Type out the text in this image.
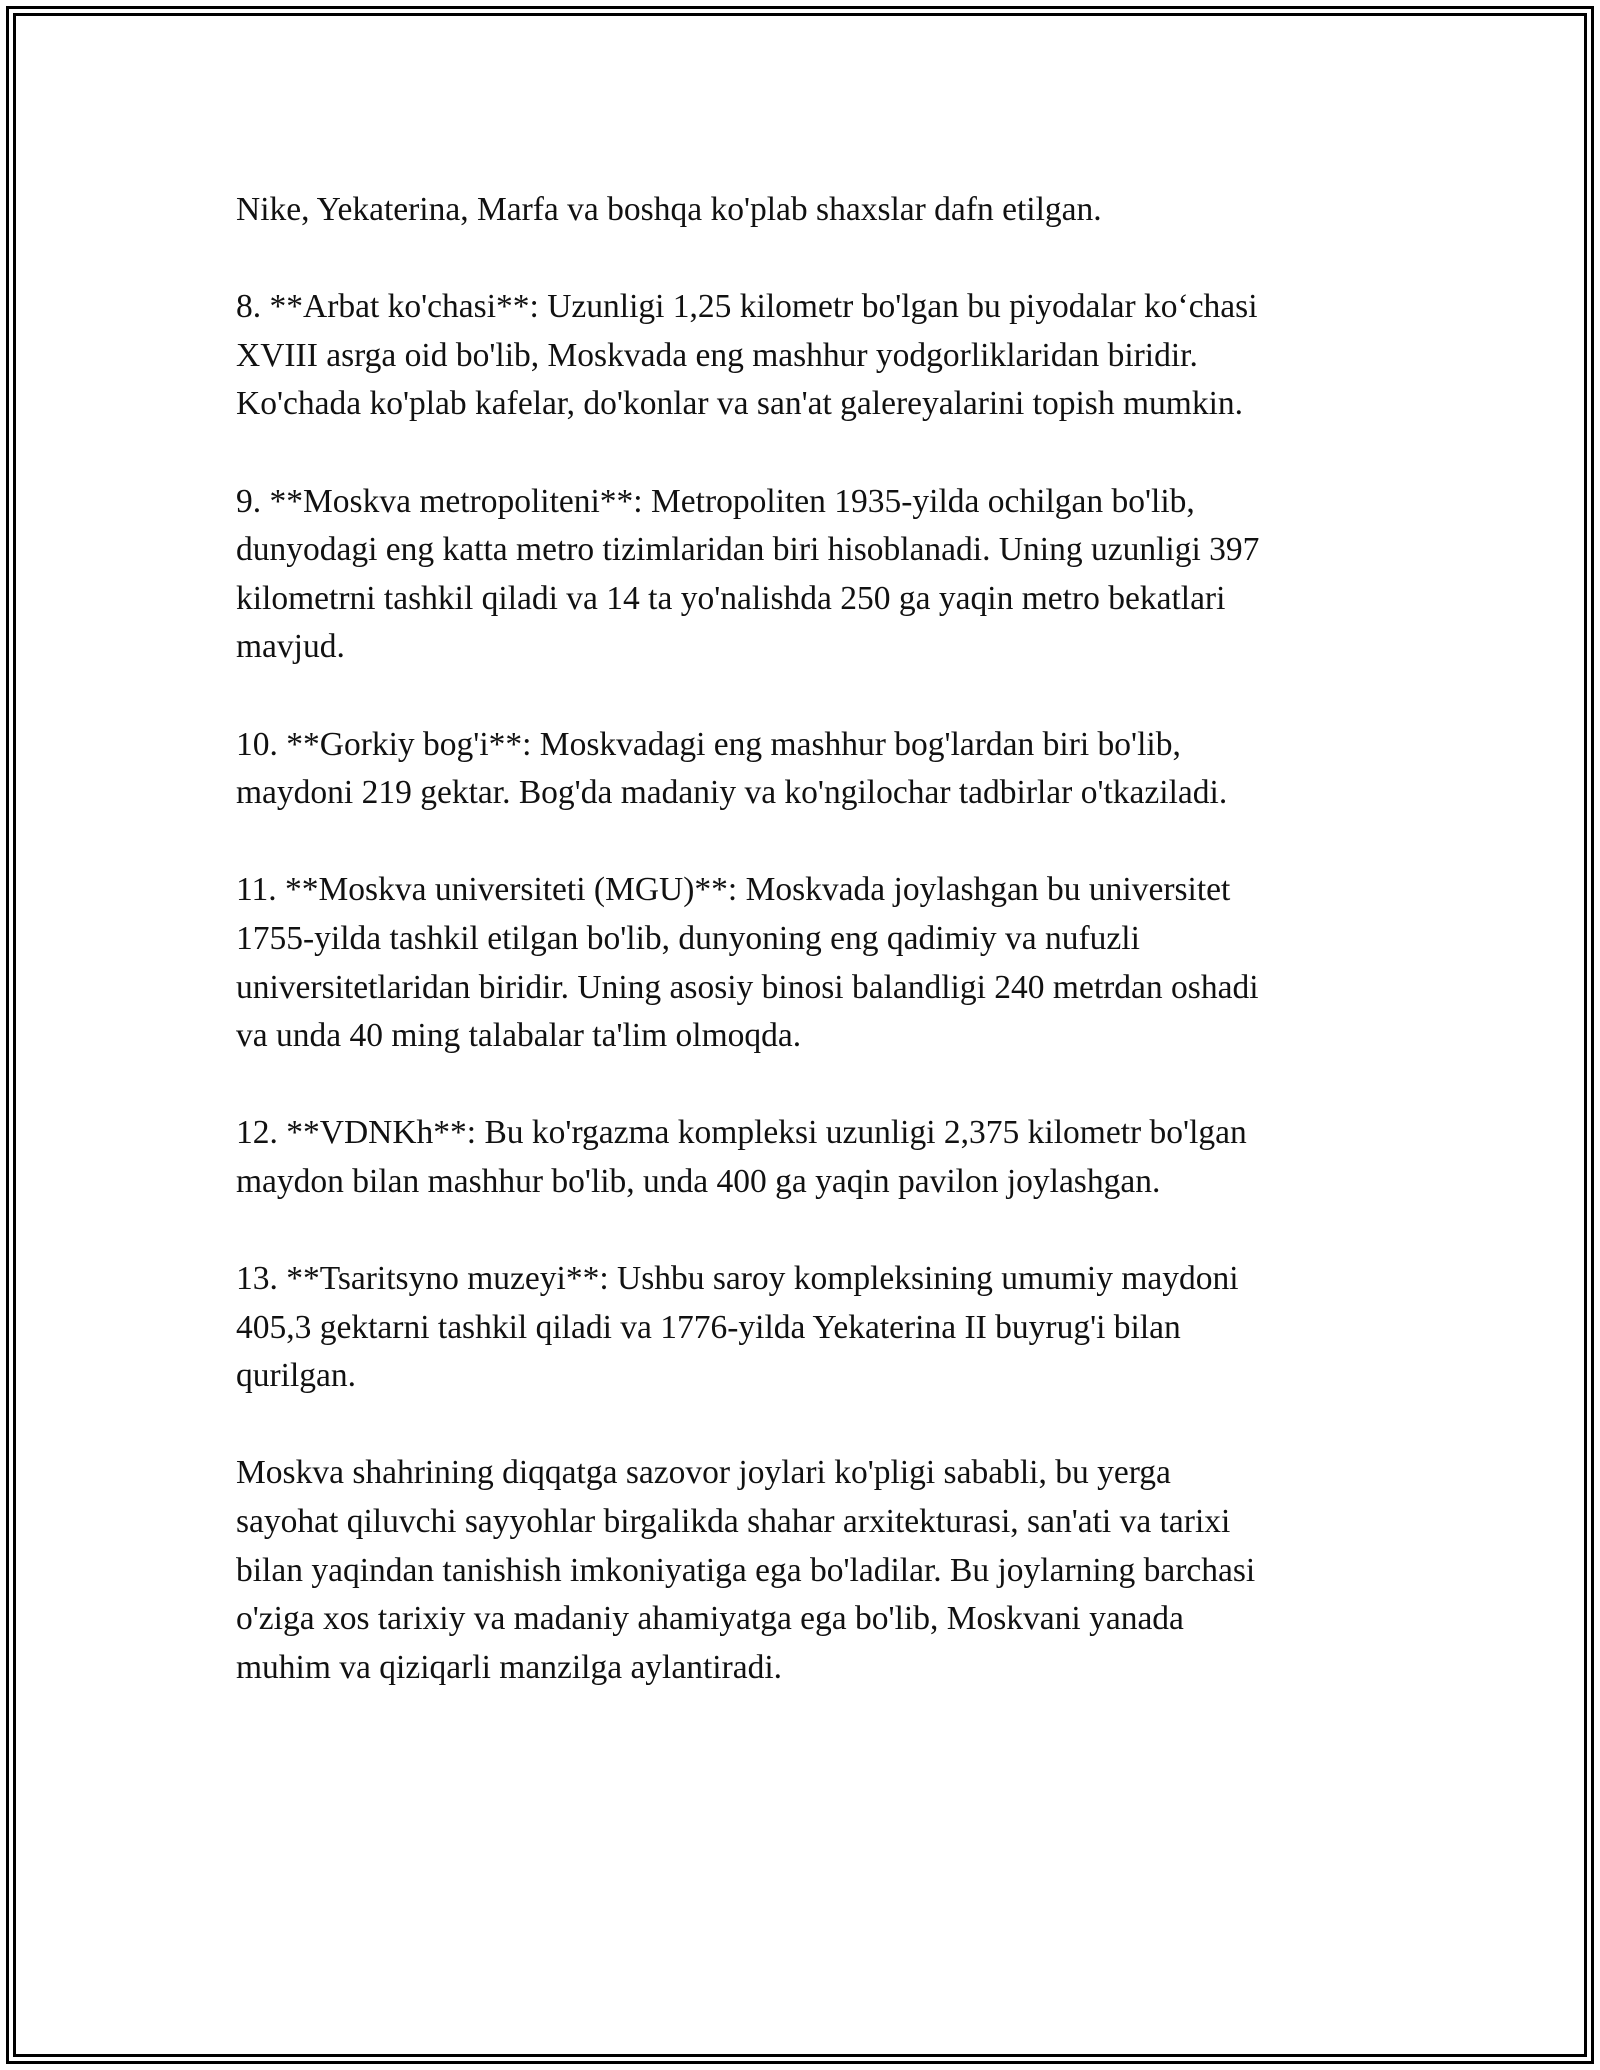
Nike, Yekaterina, Marfa va boshqa ko'plab shaxslar dafn etilgan.

8. **Arbat ko'chasi**: Uzunligi 1,25 kilometr bo'lgan bu piyodalar ko‘chasi
XVIII asrga oid bo'lib, Moskvada eng mashhur yodgorliklaridan biridir.
Ko'chada ko'plab kafelar, do'konlar va san'at galereyalarini topish mumkin.

9. **Moskva metropoliteni**: Metropoliten 1935-yilda ochilgan bo'lib,
dunyodagi eng katta metro tizimlaridan biri hisoblanadi. Uning uzunligi 397
kilometrni tashkil qiladi va 14 ta yo'nalishda 250 ga yaqin metro bekatlari
mavjud.

10. **Gorkiy bog'i**: Moskvadagi eng mashhur bog'lardan biri bo'lib,
maydoni 219 gektar. Bog'da madaniy va ko'ngilochar tadbirlar o'tkaziladi.

11. **Moskva universiteti (MGU)**: Moskvada joylashgan bu universitet
1755-yilda tashkil etilgan bo'lib, dunyoning eng qadimiy va nufuzli
universitetlaridan biridir. Uning asosiy binosi balandligi 240 metrdan oshadi
va unda 40 ming talabalar ta'lim olmoqda.

12. **VDNKh**: Bu ko'rgazma kompleksi uzunligi 2,375 kilometr bo'lgan
maydon bilan mashhur bo'lib, unda 400 ga yaqin pavilon joylashgan.

13. **Tsaritsyno muzeyi**: Ushbu saroy kompleksining umumiy maydoni
405,3 gektarni tashkil qiladi va 1776-yilda Yekaterina II buyrug'i bilan
qurilgan.

Moskva shahrining diqqatga sazovor joylari ko'pligi sababli, bu yerga
sayohat qiluvchi sayyohlar birgalikda shahar arxitekturasi, san'ati va tarixi
bilan yaqindan tanishish imkoniyatiga ega bo'ladilar. Bu joylarning barchasi
o'ziga xos tarixiy va madaniy ahamiyatga ega bo'lib, Moskvani yanada
muhim va qiziqarli manzilga aylantiradi.
